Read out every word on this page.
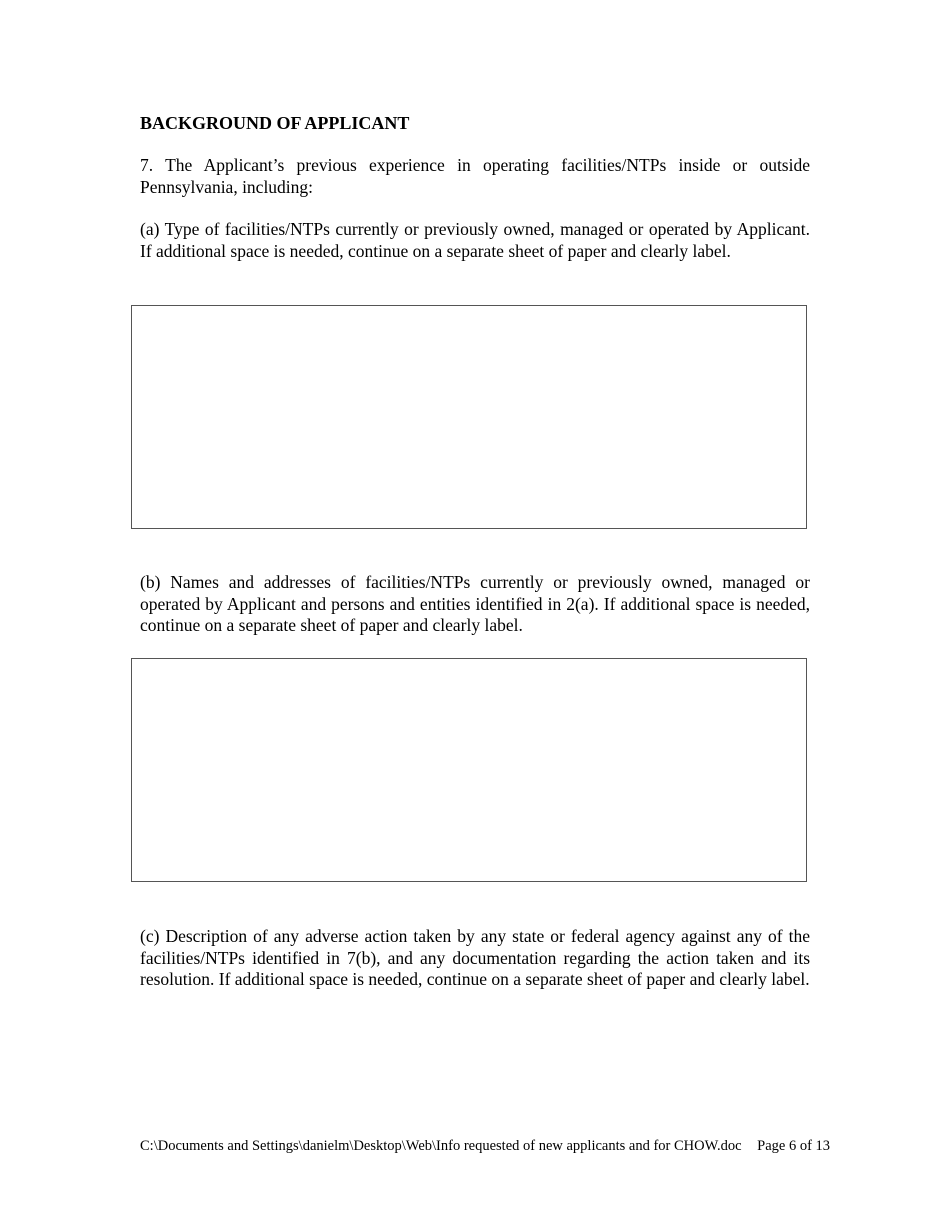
BACKGROUND OF APPLICANT
7. The Applicant’s previous experience in operating facilities/NTPs inside or outside Pennsylvania, including:
(a) Type of facilities/NTPs currently or previously owned, managed or operated by Applicant. If additional space is needed, continue on a separate sheet of paper and clearly label.
(b) Names and addresses of facilities/NTPs currently or previously owned, managed or operated by Applicant and persons and entities identified in 2(a). If additional space is needed, continue on a separate sheet of paper and clearly label.
(c) Description of any adverse action taken by any state or federal agency against any of the facilities/NTPs identified in 7(b), and any documentation regarding the action taken and its resolution. If additional space is needed, continue on a separate sheet of paper and clearly label.
C:\Documents and Settings\danielm\Desktop\Web\Info requested of new applicants and for CHOW.doc Page 6 of 13
